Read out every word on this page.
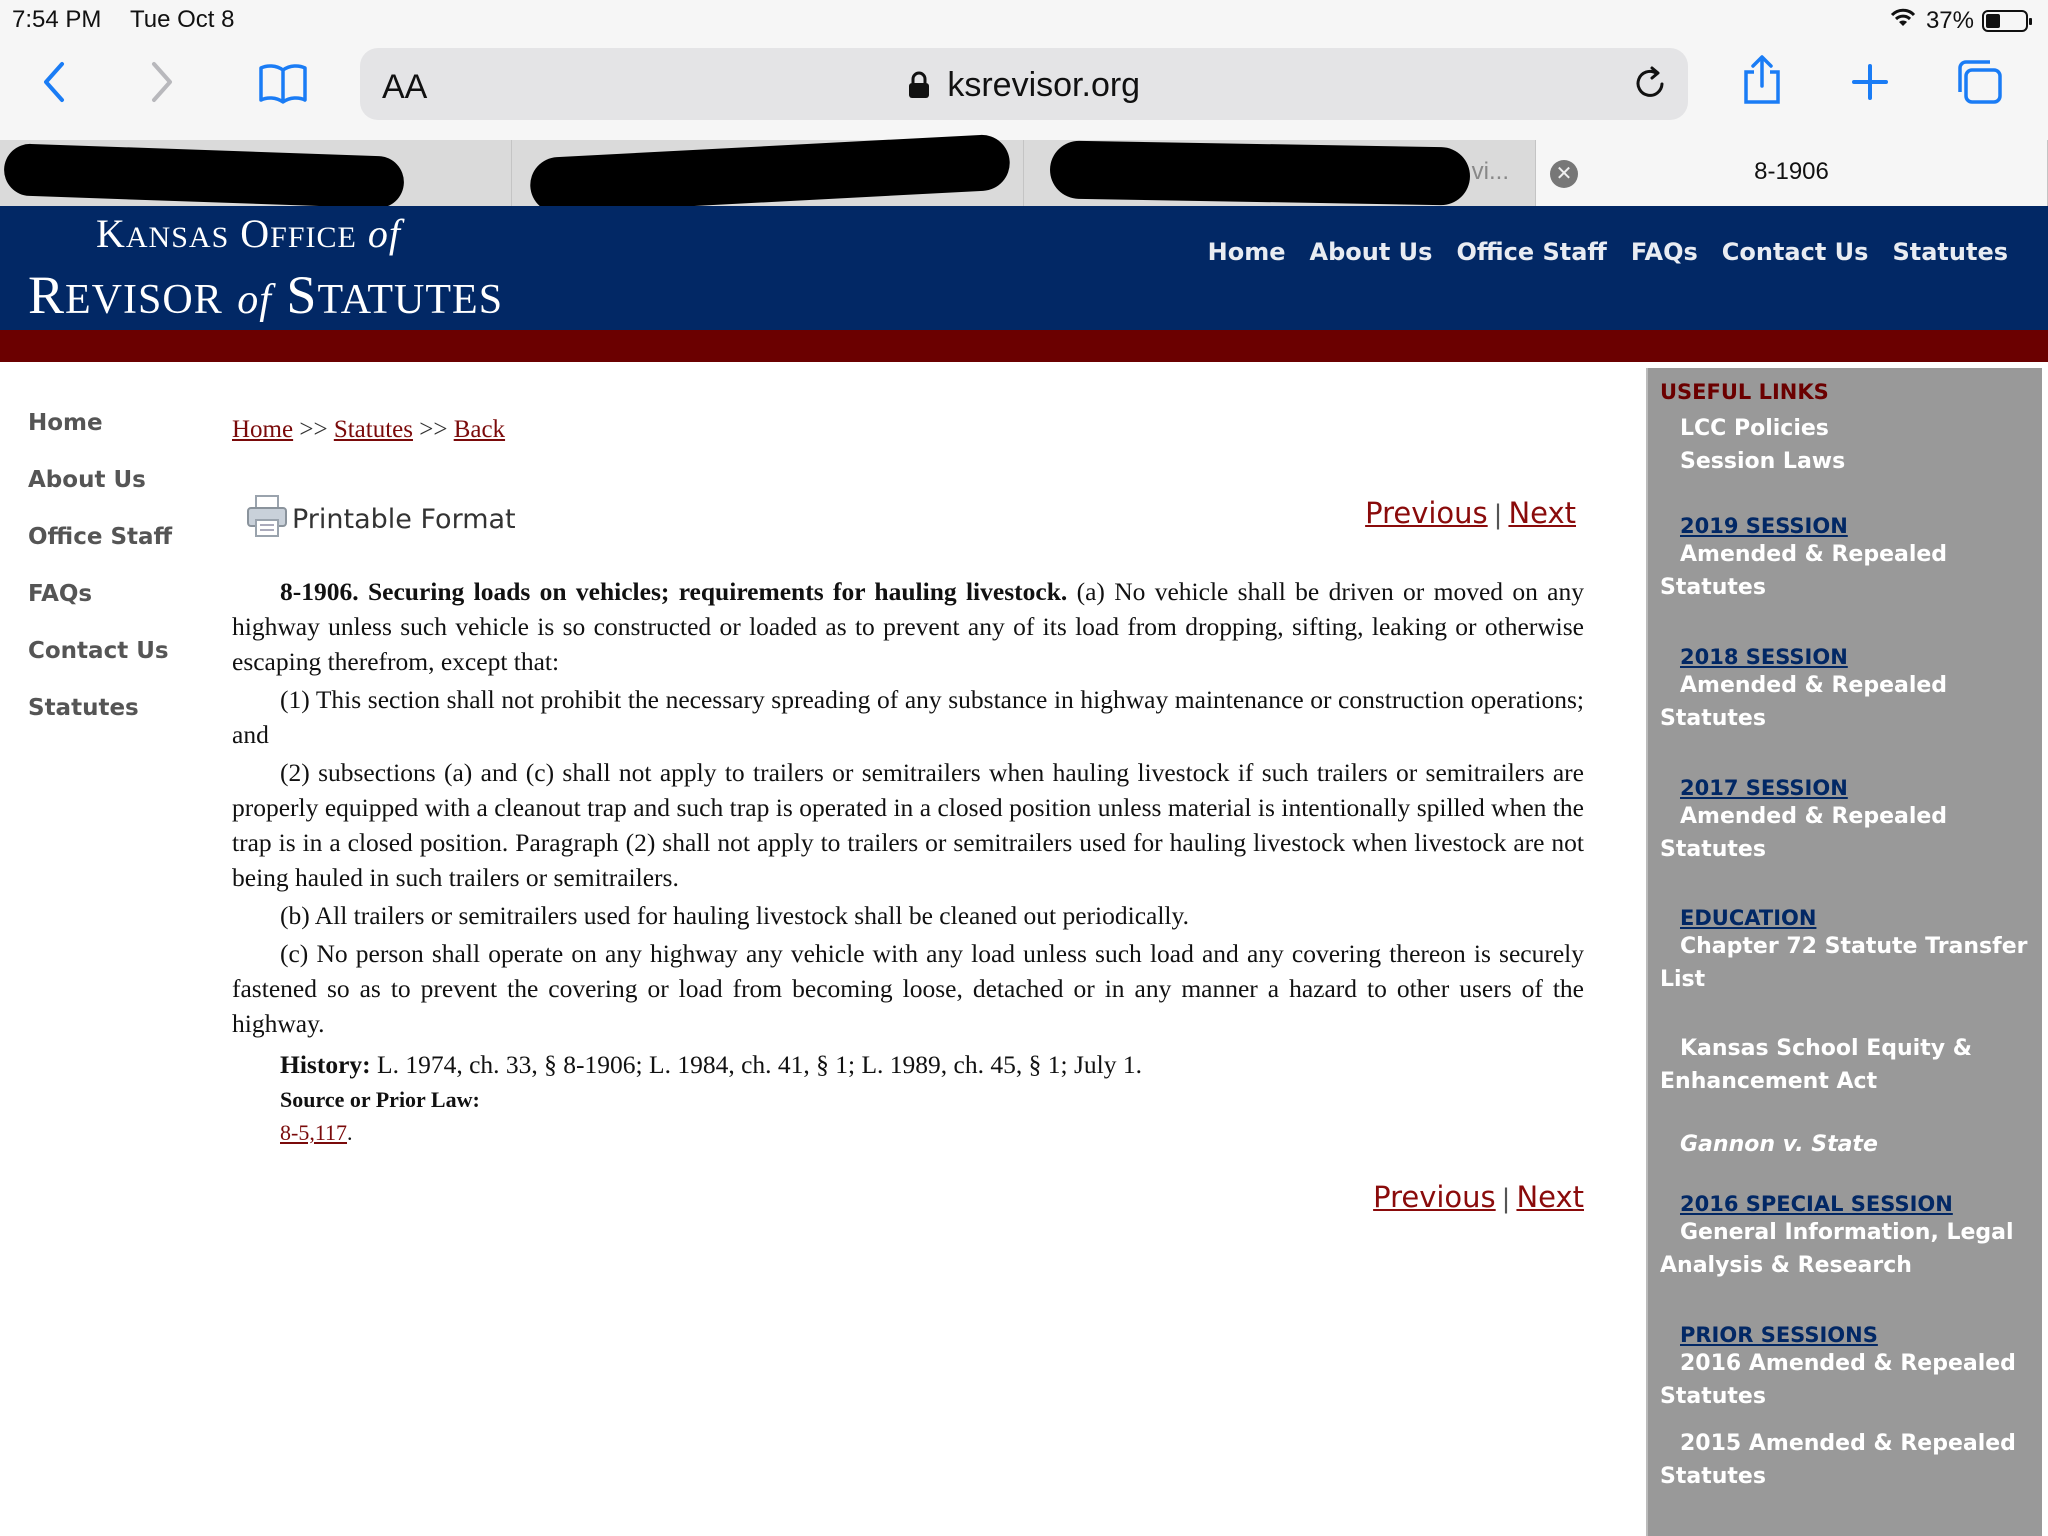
7:54 PM Tue Oct 8	37%
AA	ksrevisor.org
vi...	✕	8-1906
KANSAS OFFICE of
REVISOR of STATUTES
Home About Us Office Staff FAQs Contact Us Statutes
Home
About Us
Office Staff
FAQs
Contact Us
Statutes
Home >> Statutes >> Back
Printable Format	Previous | Next

8-1906. Securing loads on vehicles; requirements for hauling livestock. (a) No vehicle shall be driven or moved on any highway unless such vehicle is so constructed or loaded as to prevent any of its load from dropping, sifting, leaking or otherwise escaping therefrom, except that:

(1) This section shall not prohibit the necessary spreading of any substance in highway maintenance or construction operations; and

(2) subsections (a) and (c) shall not apply to trailers or semitrailers when hauling livestock if such trailers or semitrailers are properly equipped with a cleanout trap and such trap is operated in a closed position unless material is intentionally spilled when the trap is in a closed position. Paragraph (2) shall not apply to trailers or semitrailers used for hauling livestock when livestock are not being hauled in such trailers or semitrailers.

(b) All trailers or semitrailers used for hauling livestock shall be cleaned out periodically.

(c) No person shall operate on any highway any vehicle with any load unless such load and any covering thereon is securely fastened so as to prevent the covering or load from becoming loose, detached or in any manner a hazard to other users of the highway.

History: L. 1974, ch. 33, § 8-1906; L. 1984, ch. 41, § 1; L. 1989, ch. 45, § 1; July 1.

Source or Prior Law:

8-5,117.

Previous | Next
USEFUL LINKS
LCC Policies
Session Laws
2019 SESSION
Amended & Repealed Statutes
2018 SESSION
Amended & Repealed Statutes
2017 SESSION
Amended & Repealed Statutes
EDUCATION
Chapter 72 Statute Transfer List
Kansas School Equity & Enhancement Act
Gannon v. State
2016 SPECIAL SESSION
General Information, Legal Analysis & Research
PRIOR SESSIONS
2016 Amended & Repealed Statutes
2015 Amended & Repealed Statutes
